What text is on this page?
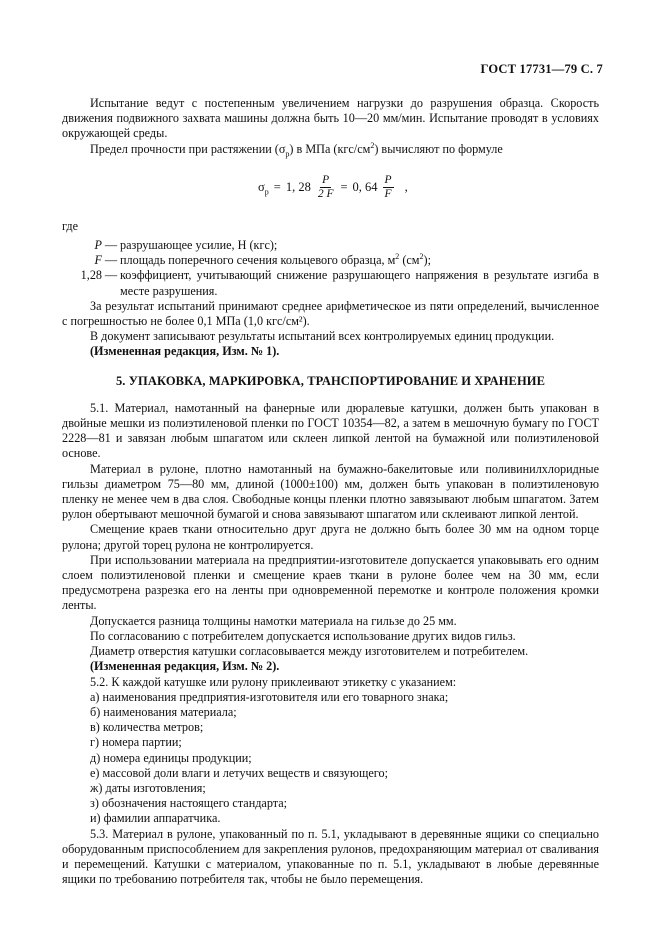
ГОСТ 17731—79 С. 7

Испытание ведут с постепенным увеличением нагрузки до разрушения образца. Скорость движения подвижного захвата машины должна быть 10—20 мм/мин. Испытание проводят в условиях окружающей среды.

Предел прочности при растяжении $(\sigma_р)$ в МПа $(кгс/см^2)$ вычисляют по формуле

$\sigma_р = 1$, $28 \frac{P}{2 F} = 0$, $64 \frac{P}{F}$ ,

где

P — разрушающее усилие, Н (кгс);
F — площадь поперечного сечения кольцевого образца, $м^2$ $(см^2)$;
1,28 — коэффициент, учитывающий снижение разрушающего напряжения в результате изгиба в месте разрушения.

За результат испытаний принимают среднее арифметическое из пяти определений, вычисленное с погрешностью не более 0,1 МПа (1,0 кгс/см²).

В документ записывают результаты испытаний всех контролируемых единиц продукции.

(Измененная редакция, Изм. № 1).

5. УПАКОВКА, МАРКИРОВКА, ТРАНСПОРТИРОВАНИЕ И ХРАНЕНИЕ

5.1. Материал, намотанный на фанерные или дюралевые катушки, должен быть упакован в двойные мешки из полиэтиленовой пленки по ГОСТ 10354—82, а затем в мешочную бумагу по ГОСТ 2228—81 и завязан любым шпагатом или склеен липкой лентой на бумажной или полиэтиленовой основе.

Материал в рулоне, плотно намотанный на бумажно-бакелитовые или поливинилхлоридные гильзы диаметром 75—80 мм, длиной (1000±100) мм, должен быть упакован в полиэтиленовую пленку не менее чем в два слоя. Свободные концы пленки плотно завязывают любым шпагатом. Затем рулон обертывают мешочной бумагой и снова завязывают шпагатом или склеивают липкой лентой.

Смещение краев ткани относительно друг друга не должно быть более 30 мм на одном торце рулона; другой торец рулона не контролируется.

При использовании материала на предприятии-изготовителе допускается упаковывать его одним слоем полиэтиленовой пленки и смещение краев ткани в рулоне более чем на 30 мм, если предусмотрена разрезка его на ленты при одновременной перемотке и контроле положения кромки ленты.

Допускается разница толщины намотки материала на гильзе до 25 мм.

По согласованию с потребителем допускается использование других видов гильз.

Диаметр отверстия катушки согласовывается между изготовителем и потребителем.

(Измененная редакция, Изм. № 2).

5.2. К каждой катушке или рулону приклеивают этикетку с указанием:

а) наименования предприятия-изготовителя или его товарного знака;

б) наименования материала;

в) количества метров;

г) номера партии;

д) номера единицы продукции;

е) массовой доли влаги и летучих веществ и связующего;

ж) даты изготовления;

з) обозначения настоящего стандарта;

и) фамилии аппаратчика.

5.3. Материал в рулоне, упакованный по п. 5.1, укладывают в деревянные ящики со специально оборудованным приспособлением для закрепления рулонов, предохраняющим материал от сваливания и перемещений. Катушки с материалом, упакованные по п. 5.1, укладывают в любые деревянные ящики по требованию потребителя так, чтобы не было перемещения.
